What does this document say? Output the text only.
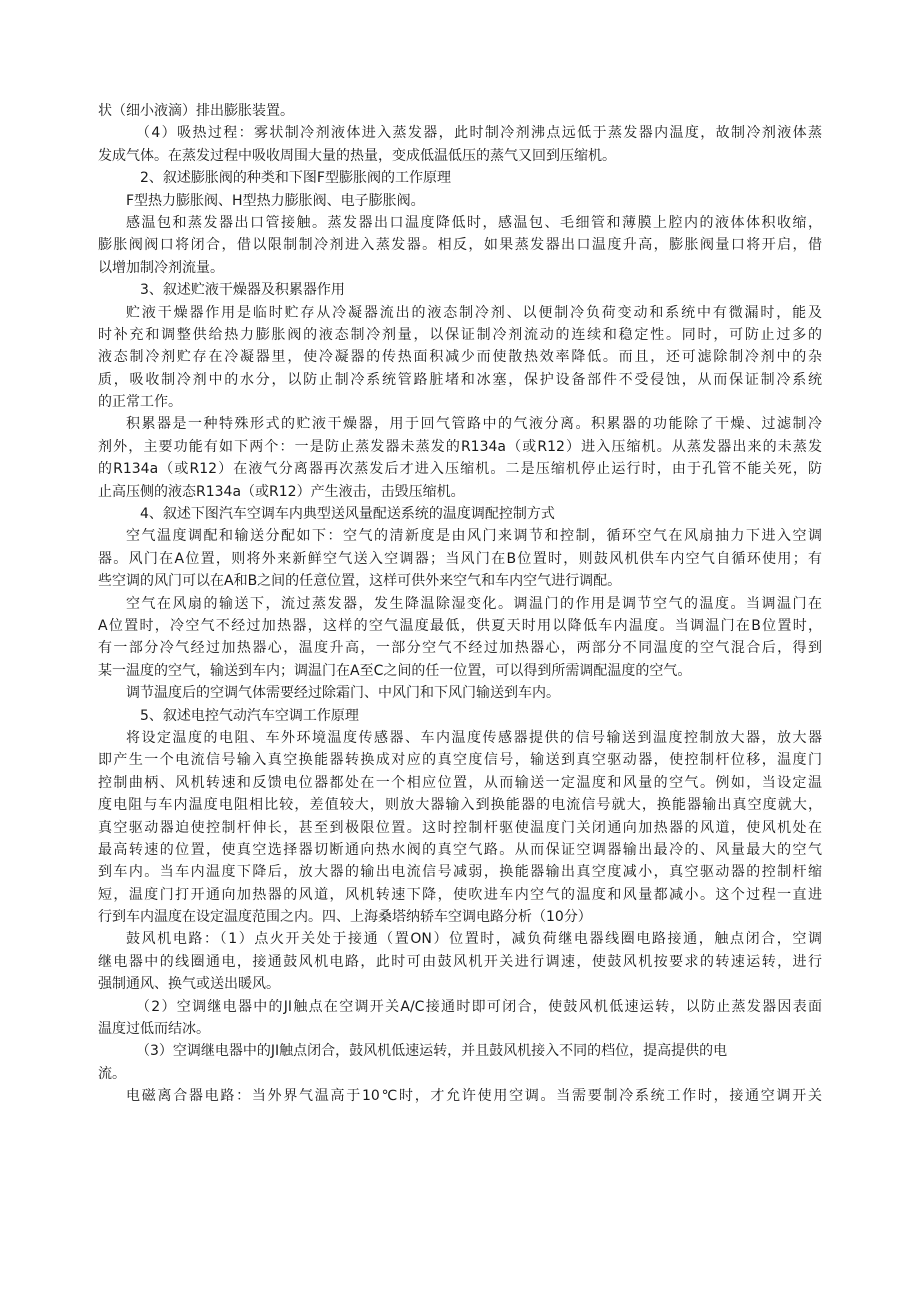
状（细小液滴）排出膨胀装置。
（4）吸热过程：雾状制冷剂液体进入蒸发器，此时制冷剂沸点远低于蒸发器内温度，故制冷剂液体蒸
发成气体。在蒸发过程中吸收周围大量的热量，变成低温低压的蒸气又回到压缩机。
2、叙述膨胀阀的种类和下图F型膨胀阀的工作原理
F型热力膨胀阀、H型热力膨胀阀、电子膨胀阀。
感温包和蒸发器出口管接触。蒸发器出口温度降低时，感温包、毛细管和薄膜上腔内的液体体积收缩，
膨胀阀阀口将闭合，借以限制制冷剂进入蒸发器。相反，如果蒸发器出口温度升高，膨胀阀量口将开启，借
以增加制冷剂流量。
3、叙述贮液干燥器及积累器作用
贮液干燥器作用是临时贮存从冷凝器流出的液态制冷剂、以便制冷负荷变动和系统中有微漏时，能及
时补充和调整供给热力膨胀阀的液态制冷剂量，以保证制冷剂流动的连续和稳定性。同时，可防止过多的
液态制冷剂贮存在冷凝器里，使冷凝器的传热面积减少而使散热效率降低。而且，还可滤除制冷剂中的杂
质，吸收制冷剂中的水分，以防止制冷系统管路脏堵和冰塞，保护设备部件不受侵蚀，从而保证制冷系统
的正常工作。
积累器是一种特殊形式的贮液干燥器，用于回气管路中的气液分离。积累器的功能除了干燥、过滤制冷
剂外，主要功能有如下两个：一是防止蒸发器未蒸发的R134a（或R12）进入压缩机。从蒸发器出来的未蒸发
的R134a（或R12）在液气分离器再次蒸发后才进入压缩机。二是压缩机停止运行时，由于孔管不能关死，防
止高压侧的液态R134a（或R12）产生液击，击毁压缩机。
4、叙述下图汽车空调车内典型送风量配送系统的温度调配控制方式
空气温度调配和输送分配如下：空气的清新度是由风门来调节和控制，循环空气在风扇抽力下进入空调
器。风门在A位置，则将外来新鲜空气送入空调器；当风门在B位置时，则鼓风机供车内空气自循环使用；有
些空调的风门可以在A和B之间的任意位置，这样可供外来空气和车内空气进行调配。
空气在风扇的输送下，流过蒸发器，发生降温除湿变化。调温门的作用是调节空气的温度。当调温门在
A位置时，冷空气不经过加热器，这样的空气温度最低，供夏天时用以降低车内温度。当调温门在B位置时，
有一部分冷气经过加热器心，温度升高，一部分空气不经过加热器心，两部分不同温度的空气混合后，得到
某一温度的空气，输送到车内；调温门在A至C之间的任一位置，可以得到所需调配温度的空气。
调节温度后的空调气体需要经过除霜门、中风门和下风门输送到车内。
5、叙述电控气动汽车空调工作原理
将设定温度的电阻、车外环境温度传感器、车内温度传感器提供的信号输送到温度控制放大器，放大器
即产生一个电流信号输入真空换能器转换成对应的真空度信号，输送到真空驱动器，使控制杆位移，温度门
控制曲柄、风机转速和反馈电位器都处在一个相应位置，从而输送一定温度和风量的空气。例如，当设定温
度电阻与车内温度电阻相比较，差值较大，则放大器输入到换能器的电流信号就大，换能器输出真空度就大，
真空驱动器迫使控制杆伸长，甚至到极限位置。这时控制杆驱使温度门关闭通向加热器的风道，使风机处在
最高转速的位置，使真空选择器切断通向热水阀的真空气路。从而保证空调器输出最冷的、风量最大的空气
到车内。当车内温度下降后，放大器的输出电流信号减弱，换能器输出真空度减小，真空驱动器的控制杆缩
短，温度门打开通向加热器的风道，风机转速下降，使吹进车内空气的温度和风量都减小。这个过程一直进
行到车内温度在设定温度范围之内。四、上海桑塔纳轿车空调电路分析（10分）
鼓风机电路：（1）点火开关处于接通（置ON）位置时，减负荷继电器线圈电路接通，触点闭合，空调
继电器中的线圈通电，接通鼓风机电路，此时可由鼓风机开关进行调速，使鼓风机按要求的转速运转，进行
强制通风、换气或送出暖风。
（2）空调继电器中的JI触点在空调开关A/C接通时即可闭合，使鼓风机低速运转，以防止蒸发器因表面
温度过低而结冰。
（3）空调继电器中的JI触点闭合，鼓风机低速运转，并且鼓风机接入不同的档位，提高提供的电
流。
电磁离合器电路：当外界气温高于10℃时，才允许使用空调。当需要制冷系统工作时，接通空调开关
